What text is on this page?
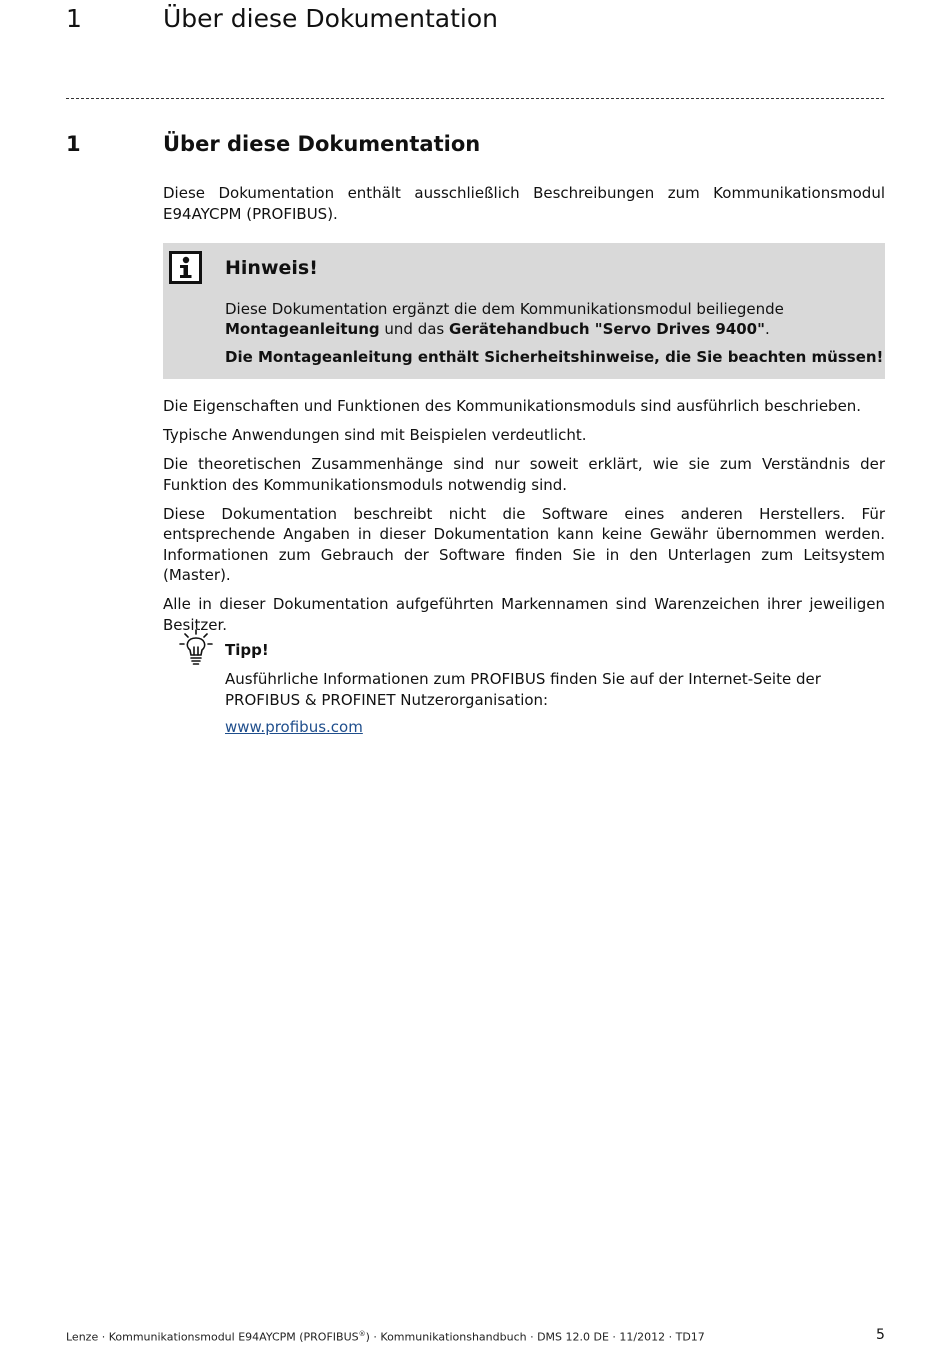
1	Über diese Dokumentation
1	Über diese Dokumentation
Diese Dokumentation enthält ausschließlich Beschreibungen zum Kommunikationsmodul E94AYCPM (PROFIBUS).
Hinweis!
Diese Dokumentation ergänzt die dem Kommunikationsmodul beiliegende Montageanleitung und das Gerätehandbuch "Servo Drives 9400".
Die Montageanleitung enthält Sicherheitshinweise, die Sie beachten müssen!

Die Eigenschaften und Funktionen des Kommunikationsmoduls sind ausführlich beschrieben.

Typische Anwendungen sind mit Beispielen verdeutlicht.

Die theoretischen Zusammenhänge sind nur soweit erklärt, wie sie zum Verständnis der Funktion des Kommunikationsmoduls notwendig sind.

Diese Dokumentation beschreibt nicht die Software eines anderen Herstellers. Für entsprechende Angaben in dieser Dokumentation kann keine Gewähr übernommen werden. Informationen zum Gebrauch der Software finden Sie in den Unterlagen zum Leitsystem (Master).

Alle in dieser Dokumentation aufgeführten Markennamen sind Warenzeichen ihrer jeweiligen Besitzer.

Tipp!
Ausführliche Informationen zum PROFIBUS finden Sie auf der Internet-Seite der PROFIBUS & PROFINET Nutzerorganisation:
www.profibus.com
Lenze · Kommunikationsmodul E94AYCPM (PROFIBUS®) · Kommunikationshandbuch · DMS 12.0 DE · 11/2012 · TD17	5
